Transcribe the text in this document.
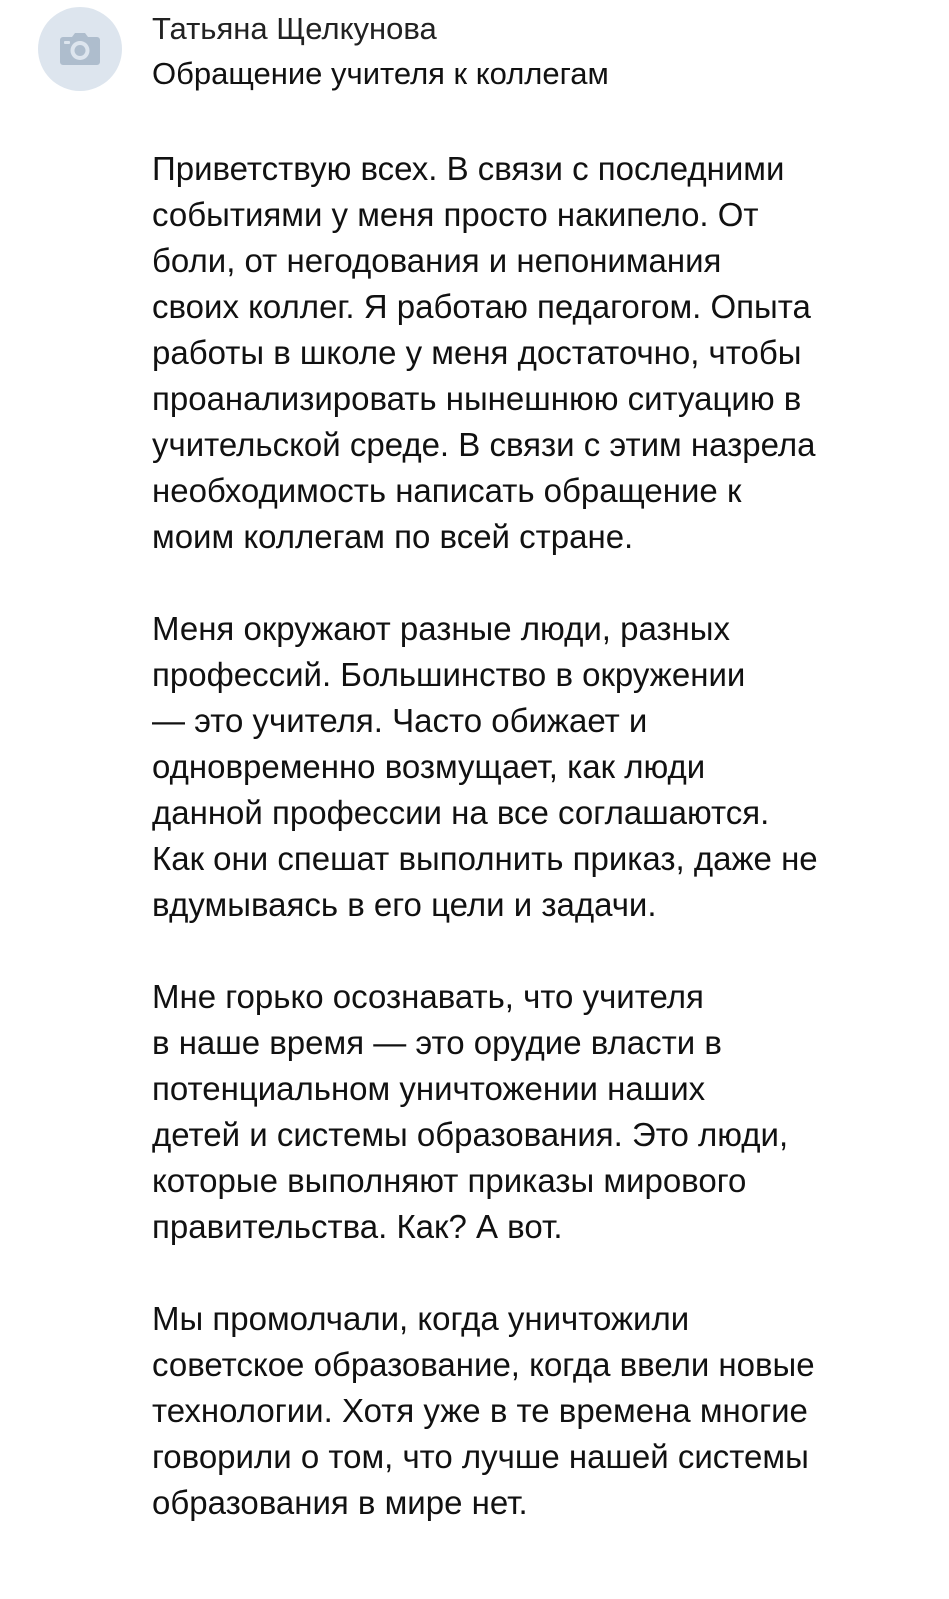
Татьяна Щелкунова
Обращение учителя к коллегам

Приветствую всех. В связи с последними
событиями у меня просто накипело. От
боли, от негодования и непонимания
своих коллег. Я работаю педагогом. Опыта
работы в школе у меня достаточно, чтобы
проанализировать нынешнюю ситуацию в
учительской среде. В связи с этим назрела
необходимость написать обращение к
моим коллегам по всей стране.

Меня окружают разные люди, разных
профессий. Большинство в окружении
— это учителя. Часто обижает и
одновременно возмущает, как люди
данной профессии на все соглашаются.
Как они спешат выполнить приказ, даже не
вдумываясь в его цели и задачи.

Мне горько осознавать, что учителя
в наше время — это орудие власти в
потенциальном уничтожении наших
детей и системы образования. Это люди,
которые выполняют приказы мирового
правительства. Как? А вот.

Мы промолчали, когда уничтожили
советское образование, когда ввели новые
технологии. Хотя уже в те времена многие
говорили о том, что лучше нашей системы
образования в мире нет.
